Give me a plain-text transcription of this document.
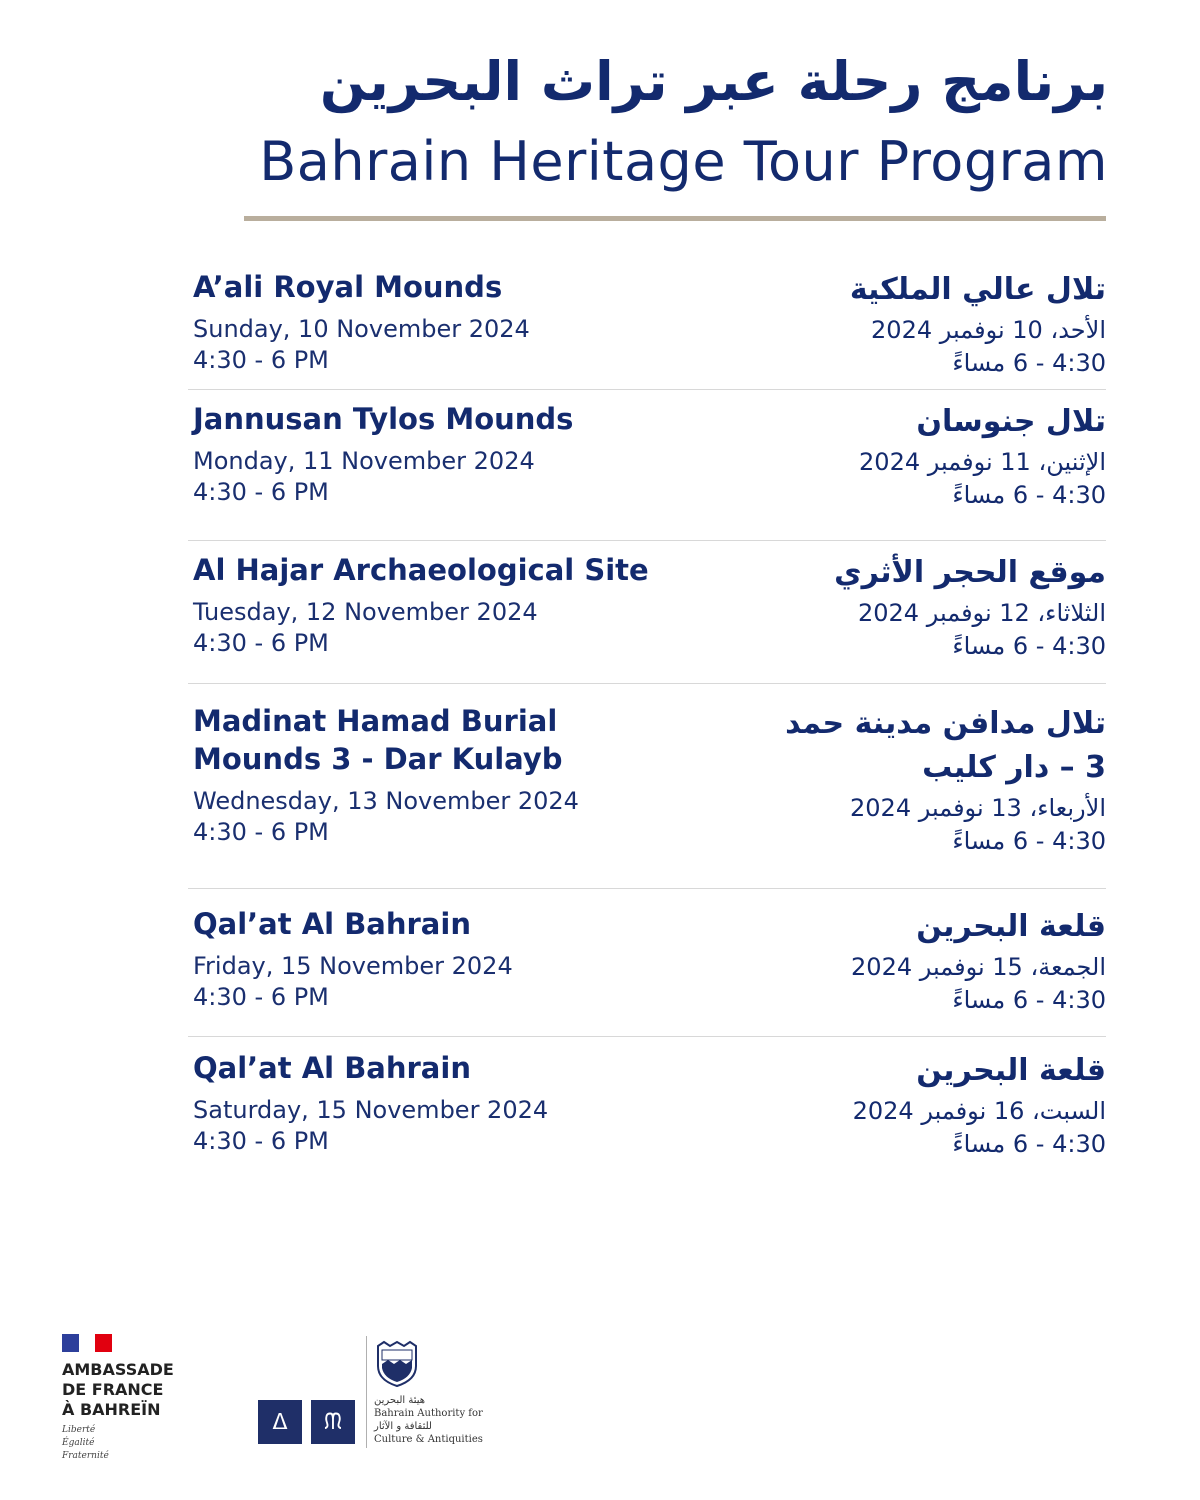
برنامج رحلة عبر تراث البحرين
Bahrain Heritage Tour Program
A’ali Royal Mounds
Sunday, 10 November 2024
4:30 - 6 PM
تلال عالي الملكية
الأحد، 10 نوفمبر 2024
4:30 - 6 مساءً
Jannusan Tylos Mounds
Monday, 11 November 2024
4:30 - 6 PM
تلال جنوسان
الإثنين، 11 نوفمبر 2024
4:30 - 6 مساءً
Al Hajar Archaeological Site
Tuesday, 12 November 2024
4:30 - 6 PM
موقع الحجر الأثري
الثلاثاء، 12 نوفمبر 2024
4:30 - 6 مساءً
Madinat Hamad Burial
Mounds 3 - Dar Kulayb
Wednesday, 13 November 2024
4:30 - 6 PM
تلال مدافن مدينة حمد
3 – دار كليب
الأربعاء، 13 نوفمبر 2024
4:30 - 6 مساءً
Qal’at Al Bahrain
Friday, 15 November 2024
4:30 - 6 PM
قلعة البحرين
الجمعة، 15 نوفمبر 2024
4:30 - 6 مساءً
Qal’at Al Bahrain
Saturday, 15 November 2024
4:30 - 6 PM
قلعة البحرين
السبت، 16 نوفمبر 2024
4:30 - 6 مساءً
AMBASSADE
DE FRANCE
À BAHREÏN
Liberté
Égalité
Fraternité
ᐃ	ᙏ
هيئة البحرين
Bahrain Authority for
للثقافة و الآثار
Culture & Antiquities
